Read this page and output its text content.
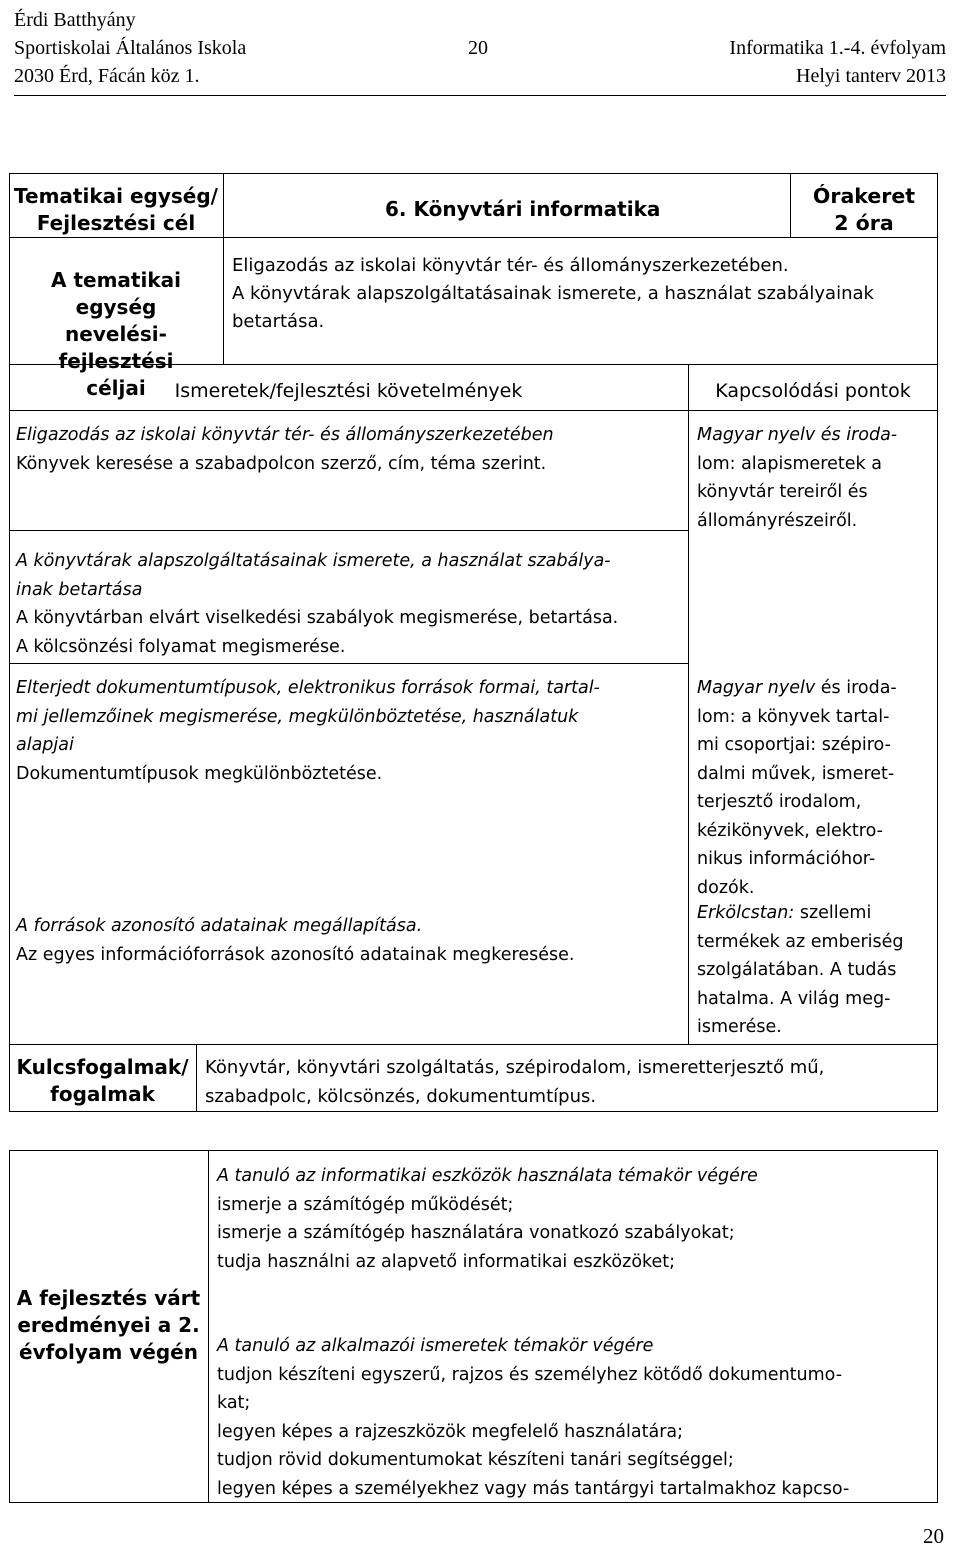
Érdi Batthyány
Sportiskolai Általános Iskola
2030 Érd, Fácán köz 1.
20	Informatika 1.-4. évfolyam
Helyi tanterv 2013
Tematikai egység/
Fejlesztési cél
6. Könyvtári informatika
Órakeret
2 óra
A tematikai egység
nevelési-fejlesztési
céljai
Eligazodás az iskolai könyvtár tér- és állományszerkezetében.
A könyvtárak alapszolgáltatásainak ismerete, a használat szabályainak
betartása.
Ismeretek/fejlesztési követelmények	Kapcsolódási pontok
Eligazodás az iskolai könyvtár tér- és állományszerkezetében
Könyvek keresése a szabadpolcon szerző, cím, téma szerint.
A könyvtárak alapszolgáltatásainak ismerete, a használat szabálya-
inak betartása
A könyvtárban elvárt viselkedési szabályok megismerése, betartása.
A kölcsönzési folyamat megismerése.
Elterjedt dokumentumtípusok, elektronikus források formai, tartal-
mi jellemzőinek megismerése, megkülönböztetése, használatuk
alapjai
Dokumentumtípusok megkülönböztetése.
A források azonosító adatainak megállapítása.
Az egyes információforrások azonosító adatainak megkeresése.
Magyar nyelv és iroda-
lom: alapismeretek a
könyvtár tereiről és
állományrészeiről.
Magyar nyelv és iroda-
lom: a könyvek tartal-
mi csoportjai: szépiro-
dalmi művek, ismeret-
terjesztő irodalom,
kézikönyvek, elektro-
nikus információhor-
dozók.
Erkölcstan: szellemi
termékek az emberiség
szolgálatában. A tudás
hatalma. A világ meg-
ismerése.
Kulcsfogalmak/
fogalmak
Könyvtár, könyvtári szolgáltatás, szépirodalom, ismeretterjesztő mű,
szabadpolc, kölcsönzés, dokumentumtípus.
A fejlesztés várt
eredményei a 2.
évfolyam végén
A tanuló az informatikai eszközök használata témakör végére
ismerje a számítógép működését;
ismerje a számítógép használatára vonatkozó szabályokat;
tudja használni az alapvető informatikai eszközöket;
A tanuló az alkalmazói ismeretek témakör végére
tudjon készíteni egyszerű, rajzos és személyhez kötődő dokumentumo-
kat;
legyen képes a rajzeszközök megfelelő használatára;
tudjon rövid dokumentumokat készíteni tanári segítséggel;
legyen képes a személyekhez vagy más tantárgyi tartalmakhoz kapcso-
20
